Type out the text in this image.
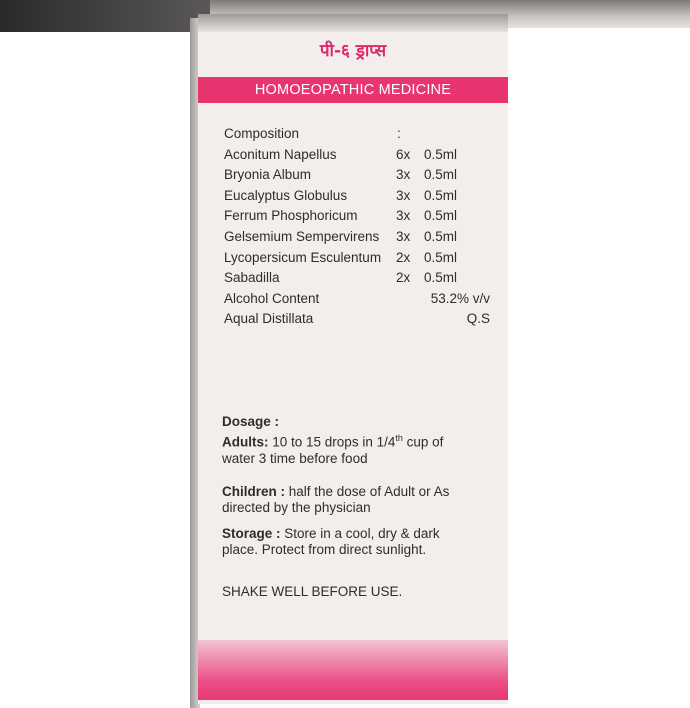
पी-६ ड्राप्स
HOMOEOPATHIC MEDICINE
Composition	:
Aconitum Napellus	6x 0.5ml
Bryonia Album	3x 0.5ml
Eucalyptus Globulus	3x 0.5ml
Ferrum Phosphoricum	3x 0.5ml
Gelsemium Sempervirens 3x 0.5ml
Lycopersicum Esculentum 2x 0.5ml
Sabadilla	2x 0.5ml
Alcohol Content	53.2% v/v
Aqual Distillata	Q.S
Dosage :
Adults: 10 to 15 drops in 1/4th cup of
water 3 time before food
Children : half the dose of Adult or As
directed by the physician
Storage : Store in a cool, dry & dark
place. Protect from direct sunlight.
SHAKE WELL BEFORE USE.
